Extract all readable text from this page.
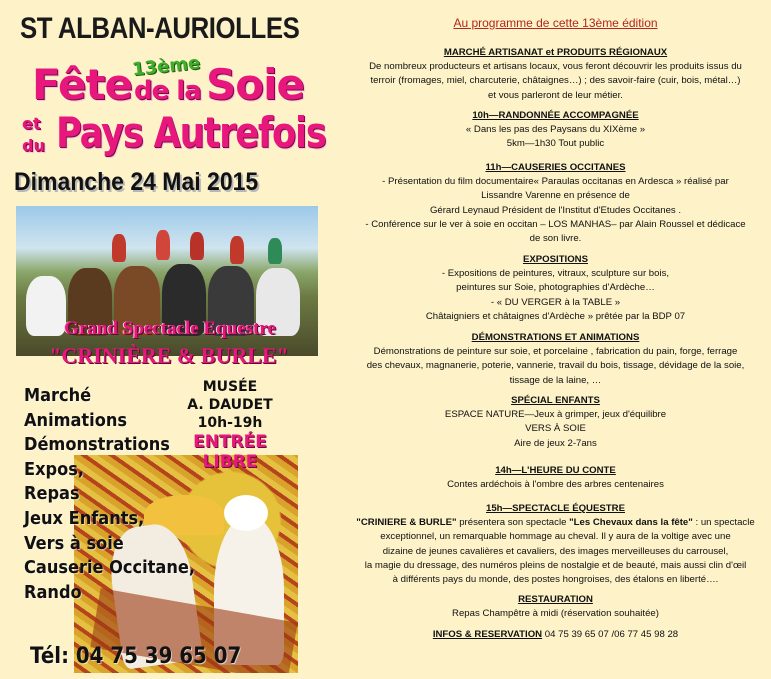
ST ALBAN-AURIOLLES
13ème
Fête de la Soie
et
du Pays Autrefois
Dimanche 24 Mai 2015
Grand Spectacle Equestre
"CRINIÈRE & BURLE"
Marché
Animations
Démonstrations
Expos,
Repas
Jeux Enfants,
Vers à soie
Causerie Occitane,
Rando
MUSÉE
A. DAUDET
10h-19h
ENTRÉE
LIBRE
Tél: 04 75 39 65 07
Au programme de cette 13ème édition
MARCHÉ ARTISANAT et PRODUITS RÉGIONAUX
De nombreux producteurs et artisans locaux, vous feront découvrir les produits issus du
terroir (fromages, miel, charcuterie, châtaignes…) ; des savoir-faire (cuir, bois, métal…)
et vous parleront de leur métier.
10h—RANDONNÉE ACCOMPAGNÉE
« Dans les pas des Paysans du XIXème »
5km—1h30 Tout public
11h—CAUSERIES OCCITANES
- Présentation du film documentaire« Paraulas occitanas en Ardesca » réalisé par
Lissandre Varenne en présence de
Gérard Leynaud Président de l'Institut d'Etudes Occitanes .
- Conférence sur le ver à soie en occitan – LOS MANHAS– par Alain Roussel et dédicace
de son livre.
EXPOSITIONS
- Expositions de peintures, vitraux, sculpture sur bois,
peintures sur Soie, photographies d'Ardèche…
- « DU VERGER à la TABLE »
Châtaigniers et châtaignes d'Ardèche » prêtée par la BDP 07
DÉMONSTRATIONS ET ANIMATIONS
Démonstrations de peinture sur soie, et porcelaine , fabrication du pain, forge, ferrage
des chevaux, magnanerie, poterie, vannerie, travail du bois, tissage, dévidage de la soie,
tissage de la laine, …
SPÉCIAL ENFANTS
ESPACE NATURE—Jeux à grimper, jeux d'équilibre
VERS À SOIE
Aire de jeux 2-7ans
14h—L'HEURE DU CONTE
Contes ardéchois à l'ombre des arbres centenaires
15h—SPECTACLE ÉQUESTRE
"CRINIERE & BURLE" présentera son spectacle "Les Chevaux dans la fête" : un spectacle
exceptionnel, un remarquable hommage au cheval. Il y aura de la voltige avec une
dizaine de jeunes cavalières et cavaliers, des images merveilleuses du carrousel,
la magie du dressage, des numéros pleins de nostalgie et de beauté, mais aussi clin d'œil
à différents pays du monde, des postes hongroises, des étalons en liberté….
RESTAURATION
Repas Champêtre à midi (réservation souhaitée)
INFOS & RESERVATION 04 75 39 65 07 /06 77 45 98 28
